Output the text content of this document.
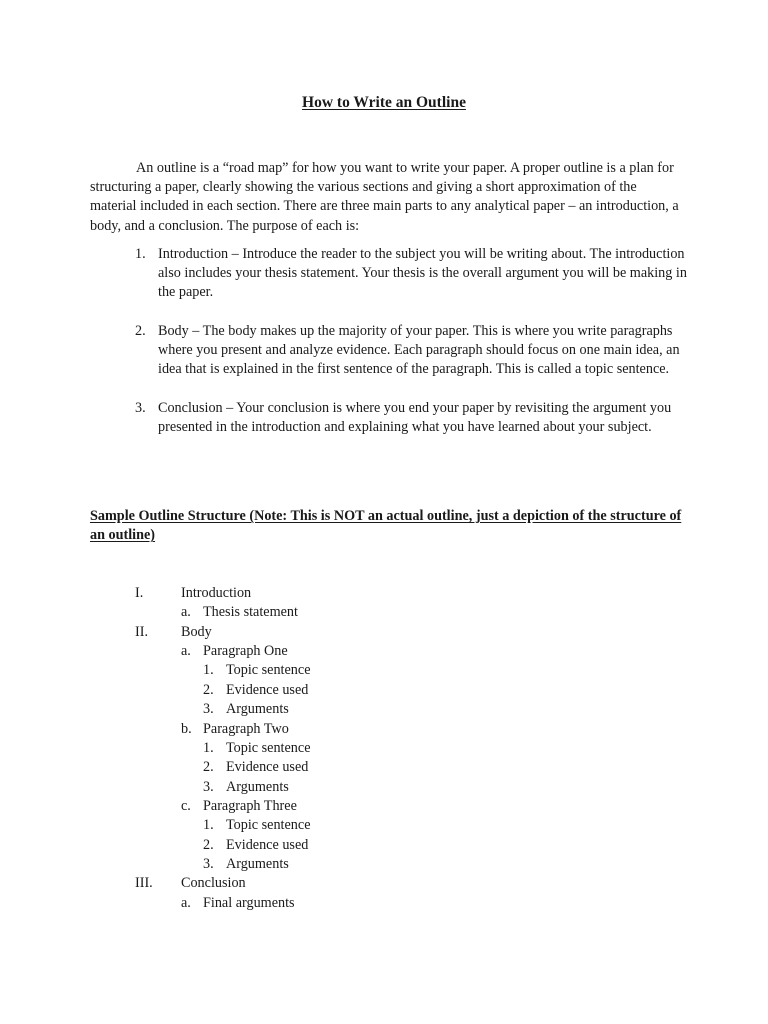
How to Write an Outline

An outline is a “road map” for how you want to write your paper. A proper outline is a plan for structuring a paper, clearly showing the various sections and giving a short approximation of the material included in each section. There are three main parts to any analytical paper – an introduction, a body, and a conclusion. The purpose of each is:

1. Introduction – Introduce the reader to the subject you will be writing about. The introduction also includes your thesis statement. Your thesis is the overall argument you will be making in the paper.
2. Body – The body makes up the majority of your paper. This is where you write paragraphs where you present and analyze evidence. Each paragraph should focus on one main idea, an idea that is explained in the first sentence of the paragraph. This is called a topic sentence.
3. Conclusion – Your conclusion is where you end your paper by revisiting the argument you presented in the introduction and explaining what you have learned about your subject.

Sample Outline Structure (Note: This is NOT an actual outline, just a depiction of the structure of an outline)

I.	Introduction
a. Thesis statement
II. Body
a. Paragraph One
1. Topic sentence
2. Evidence used
3. Arguments
b. Paragraph Two
1. Topic sentence
2. Evidence used
3. Arguments
c. Paragraph Three
1. Topic sentence
2. Evidence used
3. Arguments
III. Conclusion
a. Final arguments
